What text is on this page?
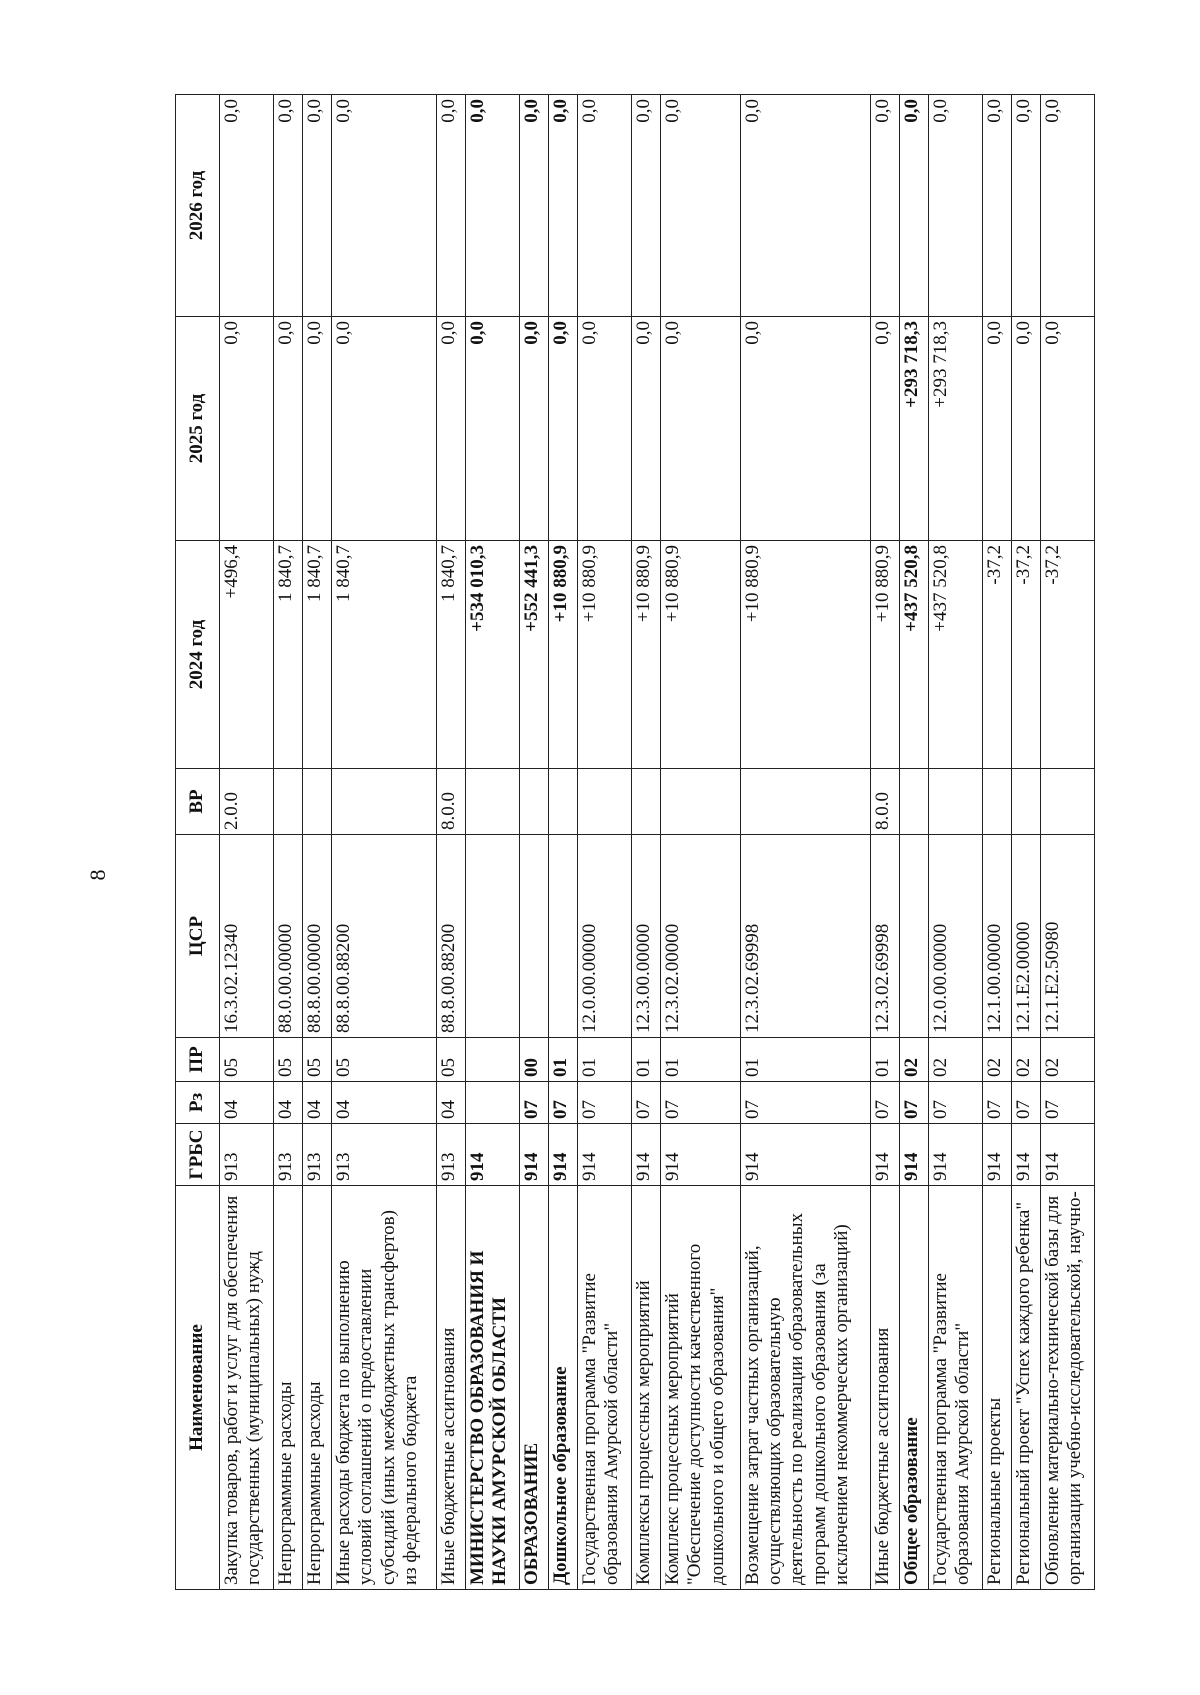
8
Наименование	ГРБС	Рз	ПР	ЦСР	ВР	2024 год	2025 год	2026 год
Закупка товаров, работ и услуг для обеспечения государственных (муниципальных) нужд	913	04	05	16.3.02.12340	2.0.0	+496,4	0,0	0,0
Непрограммные расходы	913	04	05	88.0.00.00000		1 840,7	0,0	0,0
Непрограммные расходы	913	04	05	88.8.00.00000		1 840,7	0,0	0,0
Иные расходы бюджета по выполнению условий соглашений о предоставлении субсидий (иных межбюджетных трансфертов) из федерального бюджета	913	04	05	88.8.00.88200		1 840,7	0,0	0,0
Иные бюджетные ассигнования	913	04	05	88.8.00.88200	8.0.0	1 840,7	0,0	0,0
МИНИСТЕРСТВО ОБРАЗОВАНИЯ И НАУКИ АМУРСКОЙ ОБЛАСТИ	914					+534 010,3	0,0	0,0
ОБРАЗОВАНИЕ	914	07	00			+552 441,3	0,0	0,0
Дошкольное образование	914	07	01			+10 880,9	0,0	0,0
Государственная программа "Развитие образования Амурской области"	914	07	01	12.0.00.00000		+10 880,9	0,0	0,0
Комплексы процессных мероприятий	914	07	01	12.3.00.00000		+10 880,9	0,0	0,0
Комплекс процессных мероприятий "Обеспечение доступности качественного дошкольного и общего образования"	914	07	01	12.3.02.00000		+10 880,9	0,0	0,0
Возмещение затрат частных организаций, осуществляющих образовательную деятельность по реализации образовательных программ дошкольного образования (за исключением некоммерческих организаций)	914	07	01	12.3.02.69998		+10 880,9	0,0	0,0
Иные бюджетные ассигнования	914	07	01	12.3.02.69998	8.0.0	+10 880,9	0,0	0,0
Общее образование	914	07	02			+437 520,8	+293 718,3	0,0
Государственная программа "Развитие образования Амурской области"	914	07	02	12.0.00.00000		+437 520,8	+293 718,3	0,0
Региональные проекты	914	07	02	12.1.00.00000		-37,2	0,0	0,0
Региональный проект "Успех каждого ребенка"	914	07	02	12.1.E2.00000		-37,2	0,0	0,0
Обновление материально-технической базы для организации учебно-исследовательской, научно-	914	07	02	12.1.E2.50980		-37,2	0,0	0,0
